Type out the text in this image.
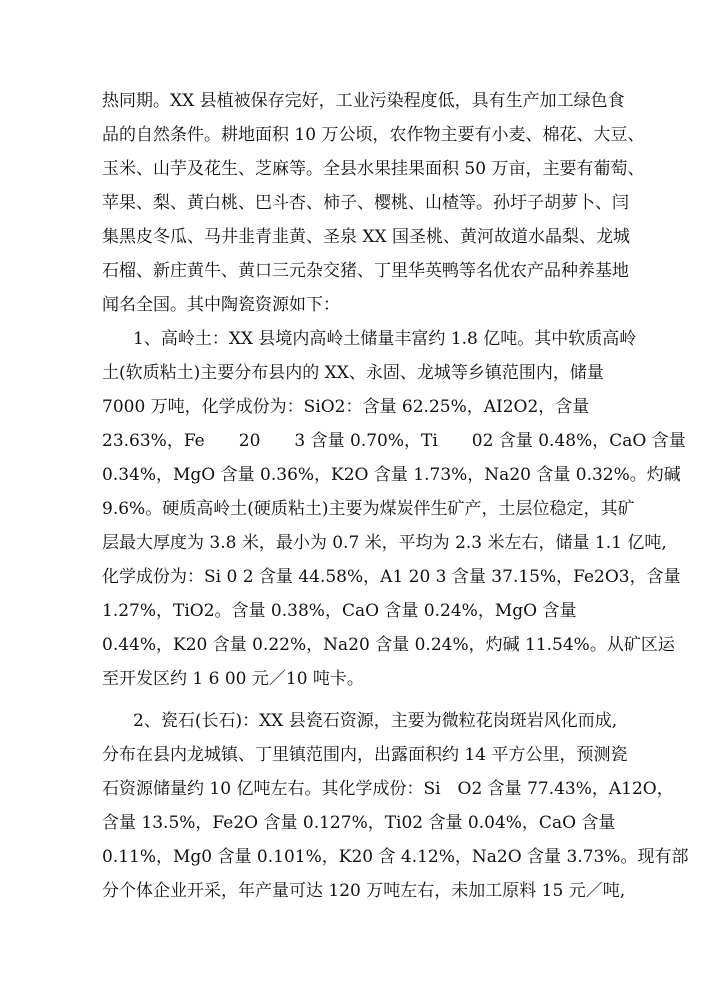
热同期。XX 县植被保存完好，工业污染程度低，具有生产加工绿色食
品的自然条件。耕地面积 10 万公顷，农作物主要有小麦、棉花、大豆、
玉米、山芋及花生、芝麻等。全县水果挂果面积 50 万亩，主要有葡萄、
苹果、梨、黄白桃、巴斗杏、柿子、樱桃、山楂等。孙圩子胡萝卜、闫
集黑皮冬瓜、马井韭青韭黄、圣泉 XX 国圣桃、黄河故道水晶梨、龙城
石榴、新庄黄牛、黄口三元杂交猪、丁里华英鸭等名优农产品种养基地
闻名全国。其中陶瓷资源如下：
1、高岭土：XX 县境内高岭土储量丰富约 1.8 亿吨。其中软质高岭
土(软质粘土)主要分布县内的 XX、永固、龙城等乡镇范围内，储量
7000 万吨，化学成份为：SiO2：含量 62.25%，AI2O2，含量
23.63%，Fe　　20　　3 含量 0.70%，Ti　　02 含量 0.48%，CaO 含量
0.34%，MgO 含量 0.36%，K2O 含量 1.73%，Na20 含量 0.32%。灼碱
9.6%。硬质高岭土(硬质粘土)主要为煤炭伴生矿产，土层位稳定，其矿
层最大厚度为 3.8 米，最小为 0.7 米，平均为 2.3 米左右，储量 1.1 亿吨,
化学成份为：Si 0 2 含量 44.58%，A1 20 3 含量 37.15%，Fe2O3，含量
1.27%，TiO2。含量 0.38%，CaO 含量 0.24%，MgO 含量
0.44%，K20 含量 0.22%，Na20 含量 0.24%，灼碱 11.54%。从矿区运
至开发区约 1 6 00 元／10 吨卡。
2、瓷石(长石)：XX 县瓷石资源，主要为微粒花岗斑岩风化而成,
分布在县内龙城镇、丁里镇范围内，出露面积约 14 平方公里，预测瓷
石资源储量约 10 亿吨左右。其化学成份：Si　O2 含量 77.43%，A12O，
含量 13.5%，Fe2O 含量 0.127%，Ti02 含量 0.04%，CaO 含量
0.11%，Mg0 含量 0.101%，K20 含 4.12%，Na2O 含量 3.73%。现有部
分个体企业开采，年产量可达 120 万吨左右，未加工原料 15 元／吨,
